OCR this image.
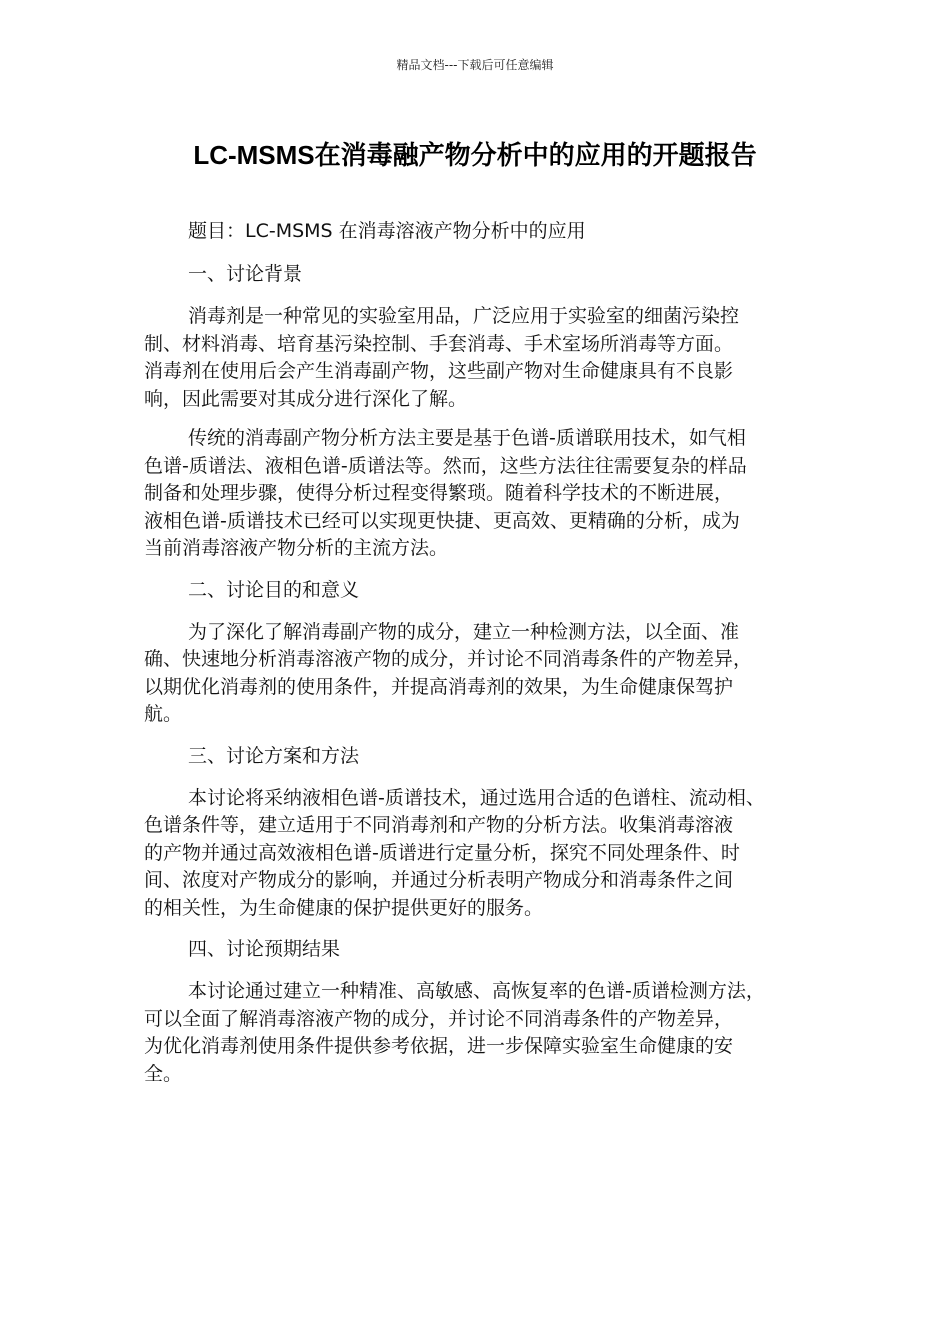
精品文档---下载后可任意编辑
LC-MSMS在消毒融产物分析中的应用的开题报告
题目：LC-MSMS 在消毒溶液产物分析中的应用
一、讨论背景
消毒剂是一种常见的实验室用品，广泛应用于实验室的细菌污染控
制、材料消毒、培育基污染控制、手套消毒、手术室场所消毒等方面。
消毒剂在使用后会产生消毒副产物，这些副产物对生命健康具有不良影
响，因此需要对其成分进行深化了解。
传统的消毒副产物分析方法主要是基于色谱-质谱联用技术，如气相
色谱-质谱法、液相色谱-质谱法等。然而，这些方法往往需要复杂的样品
制备和处理步骤，使得分析过程变得繁琐。随着科学技术的不断进展，
液相色谱-质谱技术已经可以实现更快捷、更高效、更精确的分析，成为
当前消毒溶液产物分析的主流方法。
二、讨论目的和意义
为了深化了解消毒副产物的成分，建立一种检测方法，以全面、准
确、快速地分析消毒溶液产物的成分，并讨论不同消毒条件的产物差异，
以期优化消毒剂的使用条件，并提高消毒剂的效果，为生命健康保驾护
航。
三、讨论方案和方法
本讨论将采纳液相色谱-质谱技术，通过选用合适的色谱柱、流动相、
色谱条件等，建立适用于不同消毒剂和产物的分析方法。收集消毒溶液
的产物并通过高效液相色谱-质谱进行定量分析，探究不同处理条件、时
间、浓度对产物成分的影响，并通过分析表明产物成分和消毒条件之间
的相关性，为生命健康的保护提供更好的服务。
四、讨论预期结果
本讨论通过建立一种精准、高敏感、高恢复率的色谱-质谱检测方法，
可以全面了解消毒溶液产物的成分，并讨论不同消毒条件的产物差异，
为优化消毒剂使用条件提供参考依据，进一步保障实验室生命健康的安
全。
